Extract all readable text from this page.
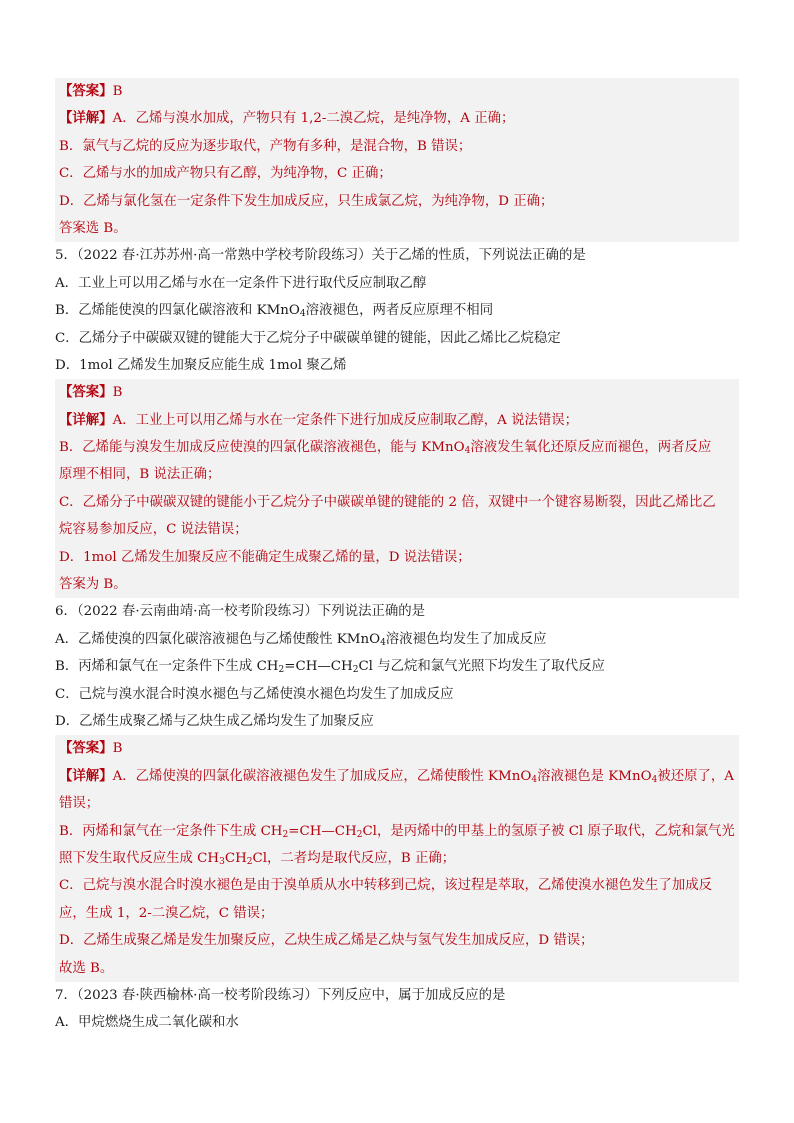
【答案】B
【详解】A．乙烯与溴水加成，产物只有 1,2-二溴乙烷，是纯净物，A 正确；
B．氯气与乙烷的反应为逐步取代，产物有多种，是混合物，B 错误；
C．乙烯与水的加成产物只有乙醇，为纯净物，C 正确；
D．乙烯与氯化氢在一定条件下发生加成反应，只生成氯乙烷，为纯净物，D 正确；
答案选 B。
5．（2022 春·江苏苏州·高一常熟中学校考阶段练习）关于乙烯的性质，下列说法正确的是
A．工业上可以用乙烯与水在一定条件下进行取代反应制取乙醇
B．乙烯能使溴的四氯化碳溶液和 KMnO$_4$溶液褪色，两者反应原理不相同
C．乙烯分子中碳碳双键的键能大于乙烷分子中碳碳单键的键能，因此乙烯比乙烷稳定
D．1mol 乙烯发生加聚反应能生成 1mol 聚乙烯
【答案】B
【详解】A．工业上可以用乙烯与水在一定条件下进行加成反应制取乙醇，A 说法错误；
B．乙烯能与溴发生加成反应使溴的四氯化碳溶液褪色，能与 KMnO$_4$溶液发生氧化还原反应而褪色，两者反应
原理不相同，B 说法正确；
C．乙烯分子中碳碳双键的键能小于乙烷分子中碳碳单键的键能的 2 倍，双键中一个键容易断裂，因此乙烯比乙
烷容易参加反应，C 说法错误；
D．1mol 乙烯发生加聚反应不能确定生成聚乙烯的量，D 说法错误；
答案为 B。
6．（2022 春·云南曲靖·高一校考阶段练习）下列说法正确的是
A．乙烯使溴的四氯化碳溶液褪色与乙烯使酸性 KMnO$_4$溶液褪色均发生了加成反应
B．丙烯和氯气在一定条件下生成 $CH_2=CH—CH_2Cl$ 与乙烷和氯气光照下均发生了取代反应
C．己烷与溴水混合时溴水褪色与乙烯使溴水褪色均发生了加成反应
D．乙烯生成聚乙烯与乙炔生成乙烯均发生了加聚反应
【答案】B
【详解】A．乙烯使溴的四氯化碳溶液褪色发生了加成反应，乙烯使酸性 KMnO$_4$溶液褪色是 KMnO$_4$被还原了，A
错误；
B．丙烯和氯气在一定条件下生成 $CH_2=CH—CH_2Cl$，是丙烯中的甲基上的氢原子被 Cl 原子取代，乙烷和氯气光
照下发生取代反应生成 $CH_3CH_2Cl$，二者均是取代反应，B 正确；
C．己烷与溴水混合时溴水褪色是由于溴单质从水中转移到己烷，该过程是萃取，乙烯使溴水褪色发生了加成反
应，生成 1，2-二溴乙烷，C 错误；
D．乙烯生成聚乙烯是发生加聚反应，乙炔生成乙烯是乙炔与氢气发生加成反应，D 错误；
故选 B。
7．（2023 春·陕西榆林·高一校考阶段练习）下列反应中，属于加成反应的是
A．甲烷燃烧生成二氧化碳和水
